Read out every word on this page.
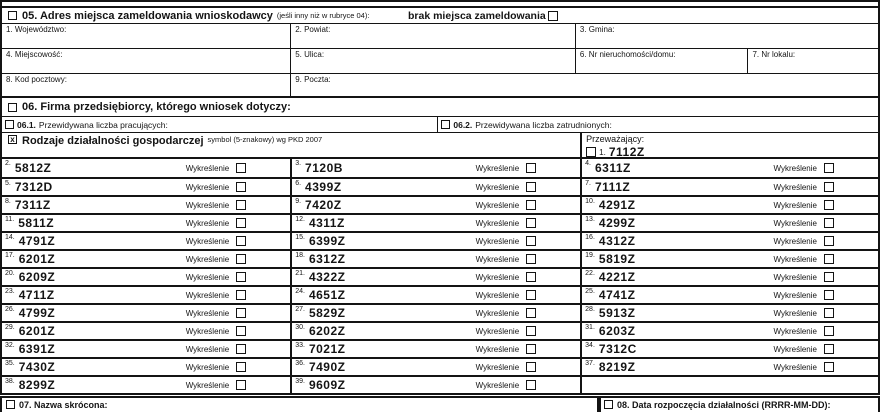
05. Adres miejsca zameldowania wnioskodawcy (jeśli inny niż w rubryce 04):	brak miejsca zameldowania
1. Województwo:	2. Powiat:	3. Gmina:
4. Miejscowość:	5. Ulica:	6. Nr nieruchomości/domu:	7. Nr lokalu:
8. Kod pocztowy:	9. Poczta:
06. Firma przedsiębiorcy, którego wniosek dotyczy:
06.1. Przewidywana liczba pracujących:	06.2. Przewidywana liczba zatrudnionych:
x Rodzaje działalności gospodarczej symbol (5-znakowy) wg PKD 2007	Przeważający:
1. 7112Z
2. 5812Z	Wykreślenie	3. 7120B	Wykreślenie	4. 6311Z	Wykreślenie
5. 7312D	Wykreślenie	6. 4399Z	Wykreślenie	7. 7111Z	Wykreślenie
8. 7311Z	Wykreślenie	9. 7420Z	Wykreślenie	10. 4291Z	Wykreślenie
11. 5811Z	Wykreślenie	12. 4311Z	Wykreślenie	13. 4299Z	Wykreślenie
14. 4791Z	Wykreślenie	15. 6399Z	Wykreślenie	16. 4312Z	Wykreślenie
17. 6201Z	Wykreślenie	18. 6312Z	Wykreślenie	19. 5819Z	Wykreślenie
20. 6209Z	Wykreślenie	21. 4322Z	Wykreślenie	22. 4221Z	Wykreślenie
23. 4711Z	Wykreślenie	24. 4651Z	Wykreślenie	25. 4741Z	Wykreślenie
26. 4799Z	Wykreślenie	27. 5829Z	Wykreślenie	28. 5913Z	Wykreślenie
29. 6201Z	Wykreślenie	30. 6202Z	Wykreślenie	31. 6203Z	Wykreślenie
32. 6391Z	Wykreślenie	33. 7021Z	Wykreślenie	34. 7312C	Wykreślenie
35. 7430Z	Wykreślenie	36. 7490Z	Wykreślenie	37. 8219Z	Wykreślenie
38. 8299Z	Wykreślenie	39. 9609Z	Wykreślenie
07. Nazwa skrócona:	08. Data rozpoczęcia działalności (RRRR-MM-DD):
